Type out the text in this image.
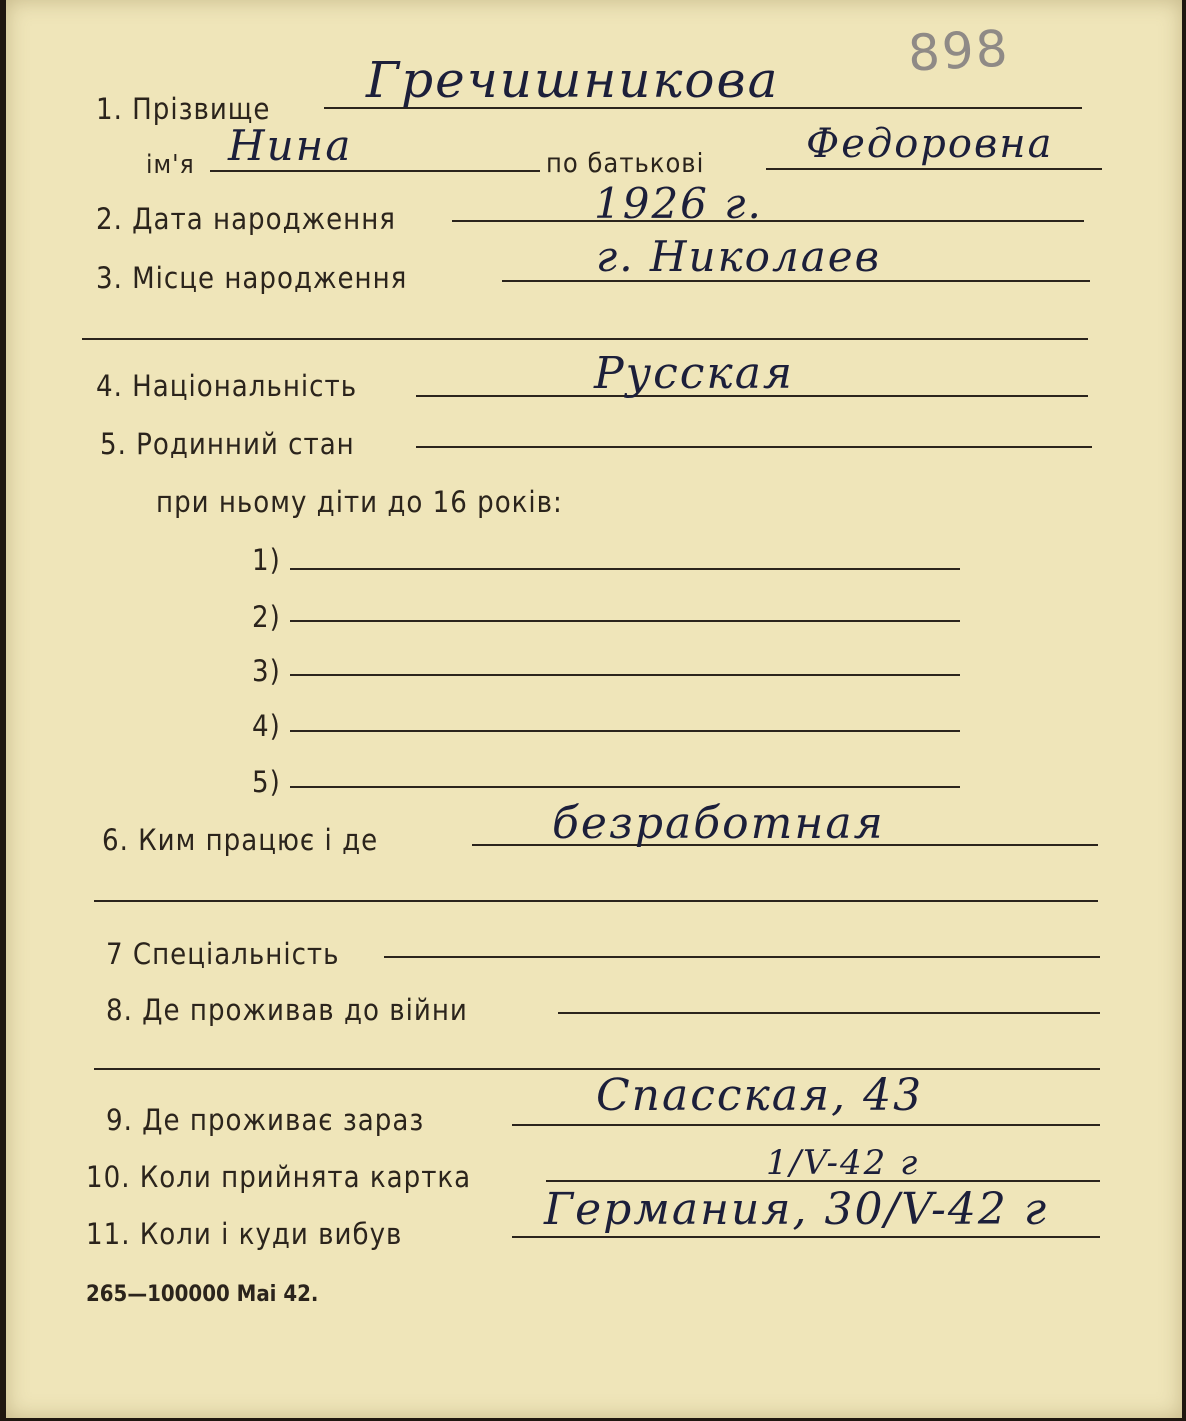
898
1. Прізвище Гречишникова
ім'я Нина	по батькові	Федоровна
2. Дата народження	1926 г.
3. Місце народження	г. Николаев
4. Національність	Русская
5. Родинний стан
при ньому діти до 16 років:
1)
2)
3)
4)
5)
6. Ким працює і де	безработная
7 Спеціальність
8. Де проживав до війни
9. Де проживає зараз	Спасская, 43
10. Коли прийнята картка	1/V-42 г
11. Коли і куди вибув	Германия, 30/V-42 г
265—100000 Mai 42.
